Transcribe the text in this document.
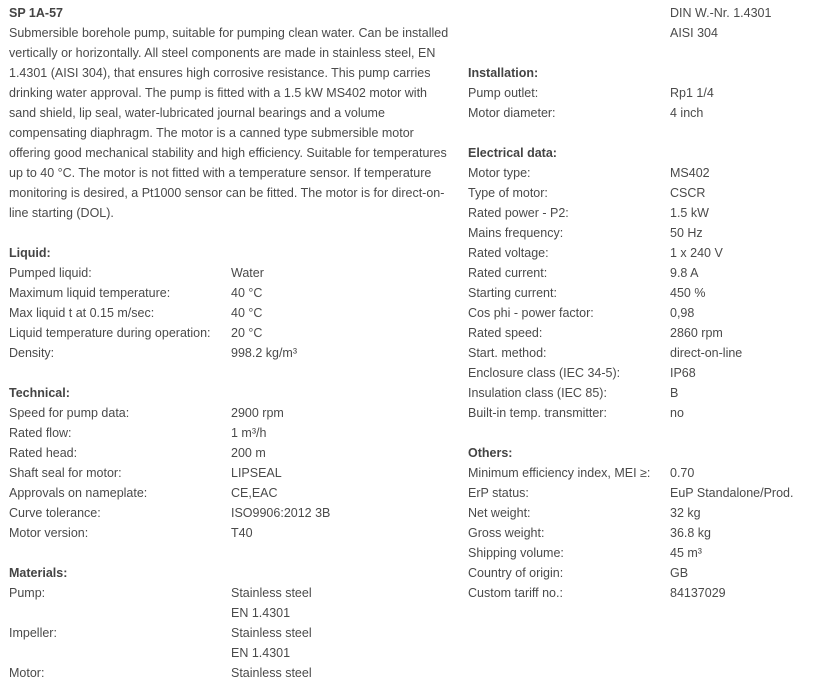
SP 1A-57

Submersible borehole pump, suitable for pumping clean water. Can be installed vertically or horizontally. All steel components are made in stainless steel, EN 1.4301 (AISI 304), that ensures high corrosive resistance. This pump carries drinking water approval. The pump is fitted with a 1.5 kW MS402 motor with sand shield, lip seal, water-lubricated journal bearings and a volume compensating diaphragm. The motor is a canned type submersible motor offering good mechanical stability and high efficiency. Suitable for temperatures up to 40 °C. The motor is not fitted with a temperature sensor. If temperature monitoring is desired, a Pt1000 sensor can be fitted. The motor is for direct-on-line starting (DOL).

Liquid:
Pumped liquid:	Water
Maximum liquid temperature:	40 °C
Max liquid t at 0.15 m/sec:	40 °C
Liquid temperature during operation:	20 °C
Density:	998.2 kg/m³
Technical:
Speed for pump data:	2900 rpm
Rated flow:	1 m³/h
Rated head:	200 m
Shaft seal for motor:	LIPSEAL
Approvals on nameplate:	CE,EAC
Curve tolerance:	ISO9906:2012 3B
Motor version:	T40
Materials:
Pump:	Stainless steel
EN 1.4301
Impeller:	Stainless steel
EN 1.4301
Motor:	Stainless steel
DIN W.-Nr. 1.4301
AISI 304
Installation:
Pump outlet:	Rp1 1/4
Motor diameter:	4 inch
Electrical data:
Motor type:	MS402
Type of motor:	CSCR
Rated power - P2:	1.5 kW
Mains frequency:	50 Hz
Rated voltage:	1 x 240 V
Rated current:	9.8 A
Starting current:	450 %
Cos phi - power factor:	0,98
Rated speed:	2860 rpm
Start. method:	direct-on-line
Enclosure class (IEC 34-5):	IP68
Insulation class (IEC 85):	B
Built-in temp. transmitter:	no
Others:
Minimum efficiency index, MEI ≥:	0.70
ErP status:	EuP Standalone/Prod.
Net weight:	32 kg
Gross weight:	36.8 kg
Shipping volume:	45 m³
Country of origin:	GB
Custom tariff no.:	84137029
